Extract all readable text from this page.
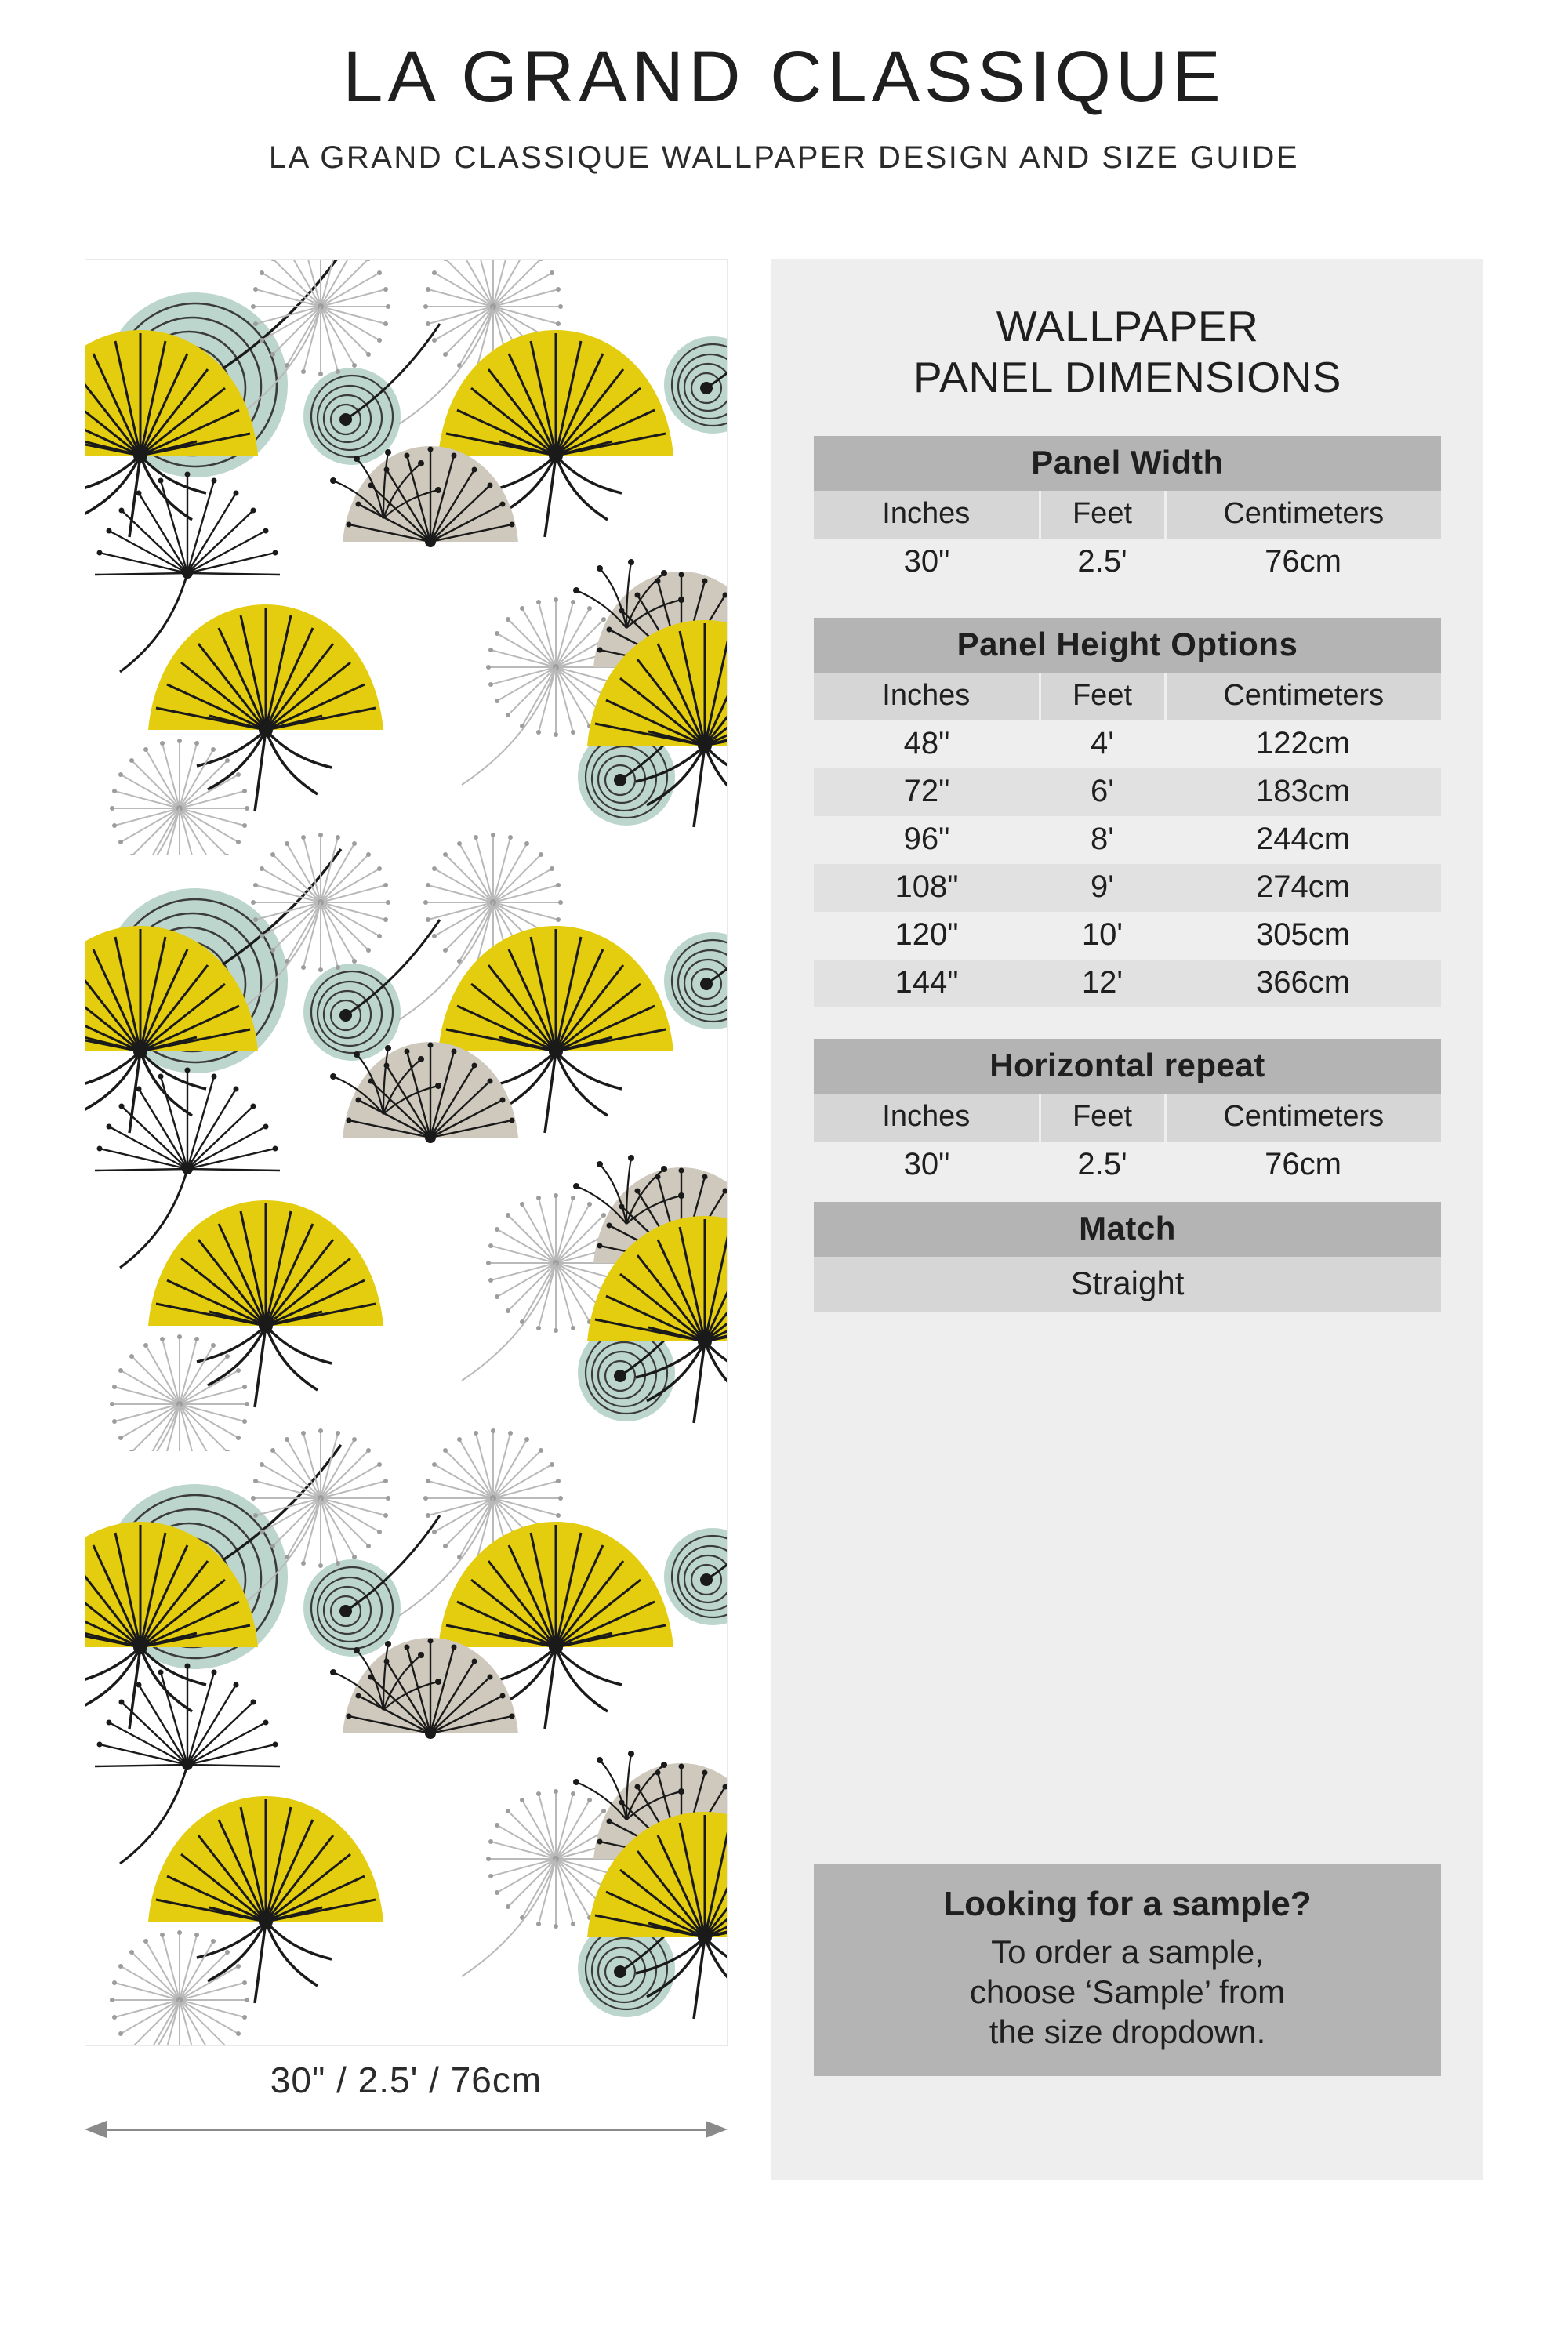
LA GRAND CLASSIQUE
LA GRAND CLASSIQUE WALLPAPER DESIGN AND SIZE GUIDE
30" / 2.5' / 76cm
WALLPAPER
PANEL DIMENSIONS
Panel Width		
Inches	Feet	Centimeters
30"	2.5'	76cm
Panel Height Options		
Inches	Feet	Centimeters
48"	4'	122cm
72"	6'	183cm
96"	8'	244cm
108"	9'	274cm
120"	10'	305cm
144"	12'	366cm
Horizontal repeat		
Inches	Feet	Centimeters
30"	2.5'	76cm
Match
Straight
Looking for a sample?
To order a sample,
choose ‘Sample’ from
the size dropdown.
